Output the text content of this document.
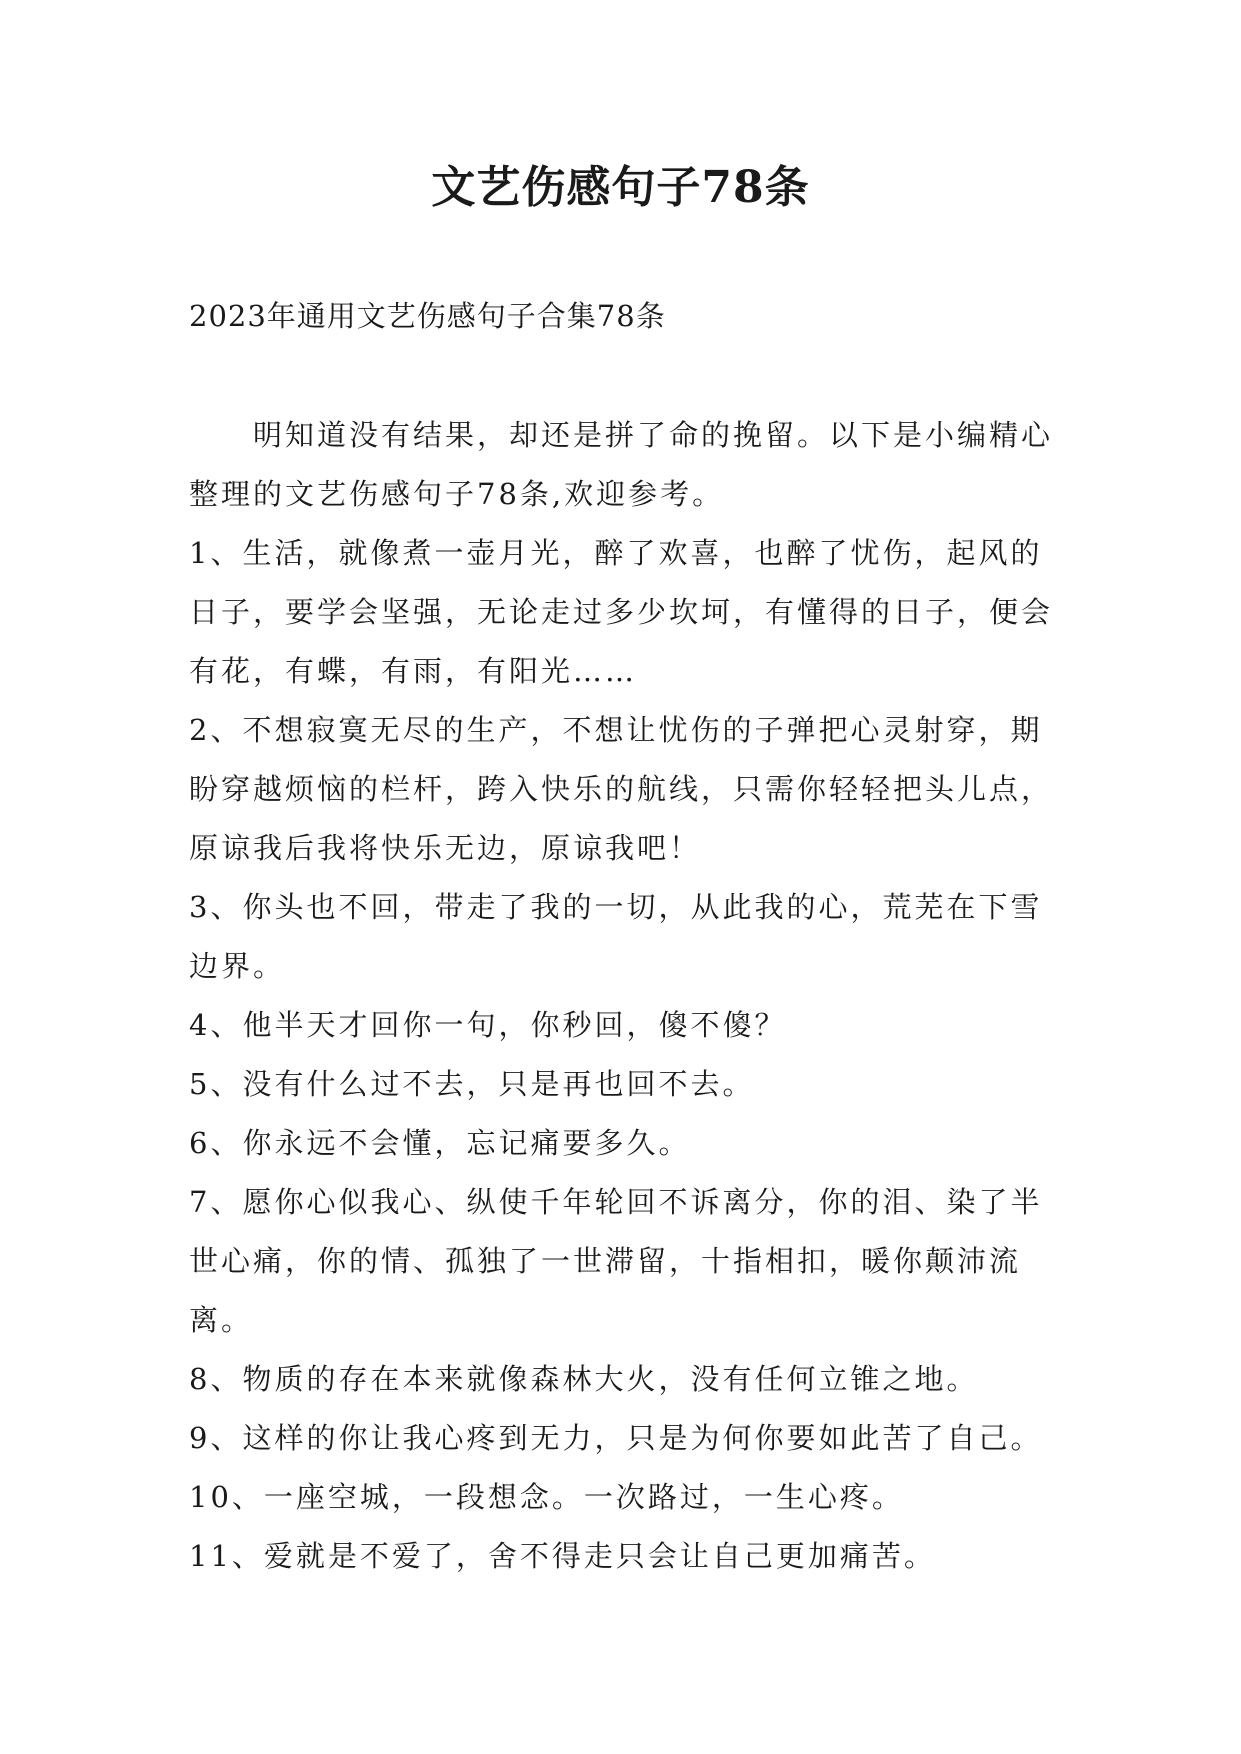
文艺伤感句子78条
2023年通用文艺伤感句子合集78条

明知道没有结果，却还是拼了命的挽留。以下是小编精心整理的文艺伤感句子78条,欢迎参考。

1、生活，就像煮一壶月光，醉了欢喜，也醉了忧伤，起风的日子，要学会坚强，无论走过多少坎坷，有懂得的日子，便会有花，有蝶，有雨，有阳光……

2、不想寂寞无尽的生产，不想让忧伤的子弹把心灵射穿，期盼穿越烦恼的栏杆，跨入快乐的航线，只需你轻轻把头儿点，原谅我后我将快乐无边，原谅我吧！

3、你头也不回，带走了我的一切，从此我的心，荒芜在下雪边界。

4、他半天才回你一句，你秒回，傻不傻？

5、没有什么过不去，只是再也回不去。

6、你永远不会懂，忘记痛要多久。

7、愿你心似我心、纵使千年轮回不诉离分，你的泪、染了半世心痛，你的情、孤独了一世滞留，十指相扣，暖你颠沛流离。

8、物质的存在本来就像森林大火，没有任何立锥之地。

9、这样的你让我心疼到无力，只是为何你要如此苦了自己。

10、一座空城，一段想念。一次路过，一生心疼。

11、爱就是不爱了，舍不得走只会让自己更加痛苦。
